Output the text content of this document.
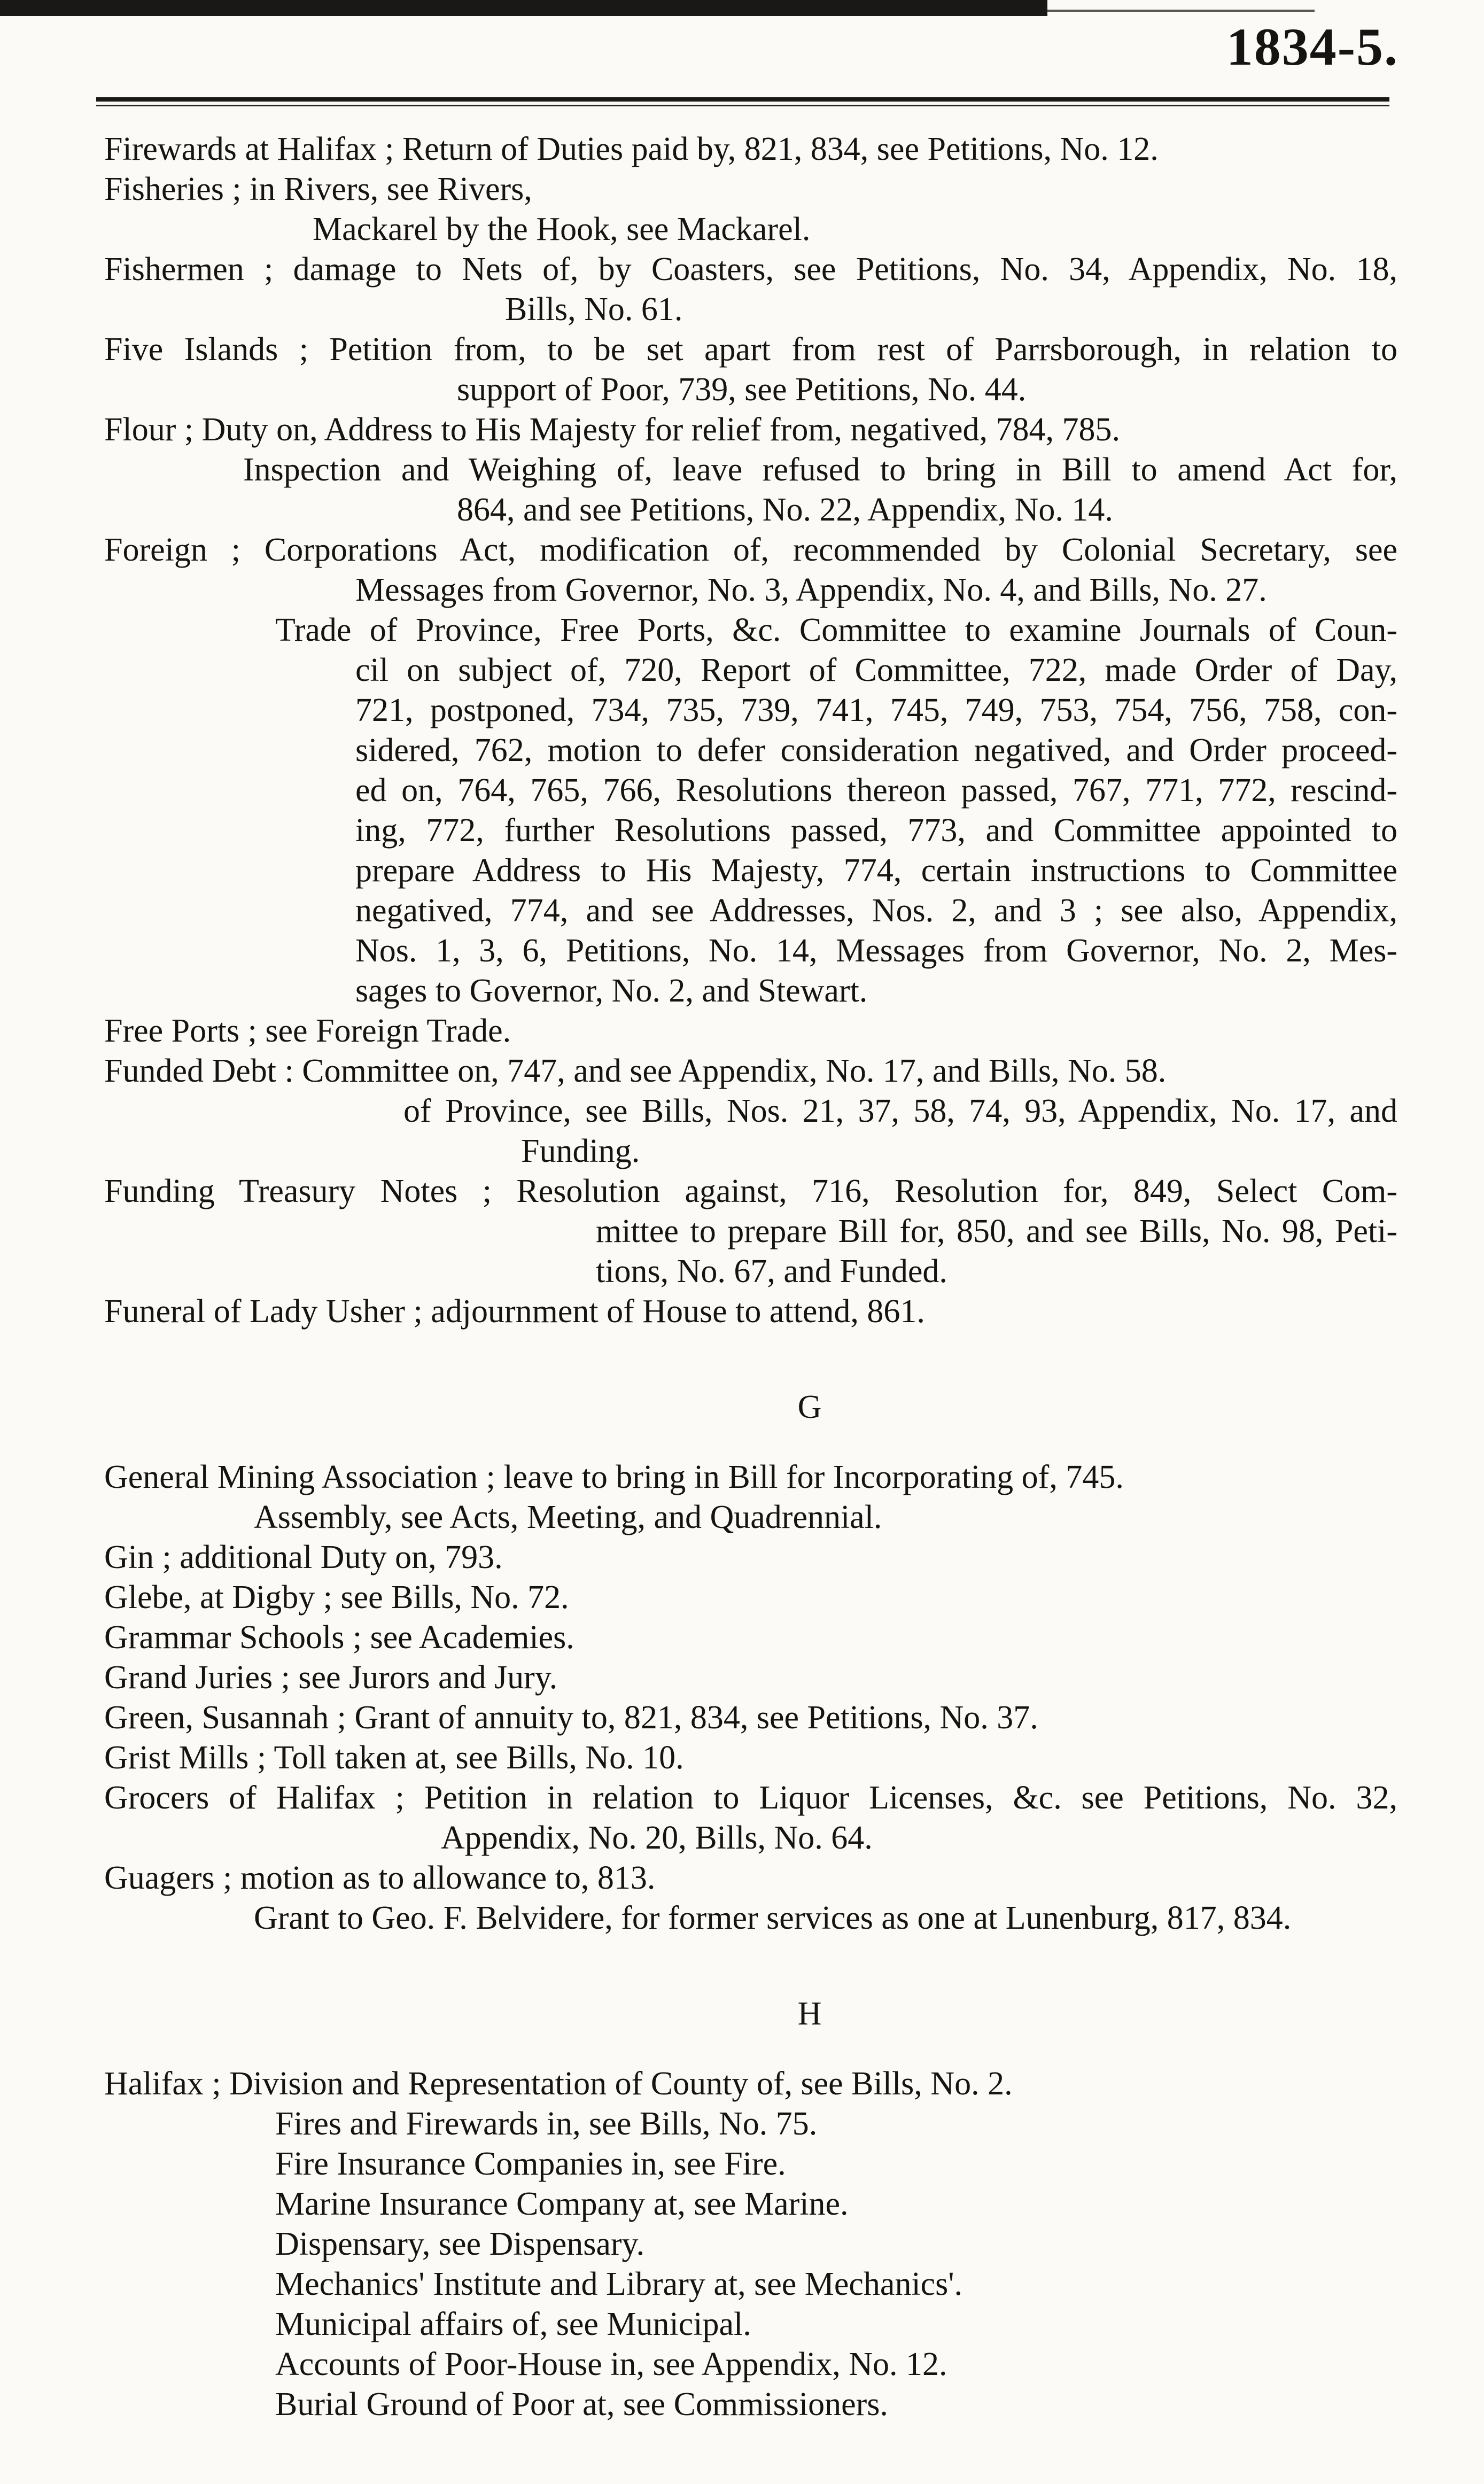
1834-5.
Firewards at Halifax ; Return of Duties paid by, 821, 834, see Petitions, No. 12.
Fisheries ; in Rivers, see Rivers,
Mackarel by the Hook, see Mackarel.
Fishermen ; damage to Nets of, by Coasters, see Petitions, No. 34, Appendix, No. 18,
Bills, No. 61.
Five Islands ; Petition from, to be set apart from rest of Parrsborough, in relation to
support of Poor, 739, see Petitions, No. 44.
Flour ; Duty on, Address to His Majesty for relief from, negatived, 784, 785.
Inspection and Weighing of, leave refused to bring in Bill to amend Act for,
864, and see Petitions, No. 22, Appendix, No. 14.
Foreign ; Corporations Act, modification of, recommended by Colonial Secretary, see
Messages from Governor, No. 3, Appendix, No. 4, and Bills, No. 27.
Trade of Province, Free Ports, &c. Committee to examine Journals of Coun-
cil on subject of, 720, Report of Committee, 722, made Order of Day,
721, postponed, 734, 735, 739, 741, 745, 749, 753, 754, 756, 758, con-
sidered, 762, motion to defer consideration negatived, and Order proceed-
ed on, 764, 765, 766, Resolutions thereon passed, 767, 771, 772, rescind-
ing, 772, further Resolutions passed, 773, and Committee appointed to
prepare Address to His Majesty, 774, certain instructions to Committee
negatived, 774, and see Addresses, Nos. 2, and 3 ; see also, Appendix,
Nos. 1, 3, 6, Petitions, No. 14, Messages from Governor, No. 2, Mes-
sages to Governor, No. 2, and Stewart.
Free Ports ; see Foreign Trade.
Funded Debt : Committee on, 747, and see Appendix, No. 17, and Bills, No. 58.
of Province, see Bills, Nos. 21, 37, 58, 74, 93, Appendix, No. 17, and
Funding.
Funding Treasury Notes ; Resolution against, 716, Resolution for, 849, Select Com-
mittee to prepare Bill for, 850, and see Bills, No. 98, Peti-
tions, No. 67, and Funded.
Funeral of Lady Usher ; adjournment of House to attend, 861.
G
General Mining Association ; leave to bring in Bill for Incorporating of, 745.
Assembly, see Acts, Meeting, and Quadrennial.
Gin ; additional Duty on, 793.
Glebe, at Digby ; see Bills, No. 72.
Grammar Schools ; see Academies.
Grand Juries ; see Jurors and Jury.
Green, Susannah ; Grant of annuity to, 821, 834, see Petitions, No. 37.
Grist Mills ; Toll taken at, see Bills, No. 10.
Grocers of Halifax ; Petition in relation to Liquor Licenses, &c. see Petitions, No. 32,
Appendix, No. 20, Bills, No. 64.
Guagers ; motion as to allowance to, 813.
Grant to Geo. F. Belvidere, for former services as one at Lunenburg, 817, 834.
H
Halifax ; Division and Representation of County of, see Bills, No. 2.
Fires and Firewards in, see Bills, No. 75.
Fire Insurance Companies in, see Fire.
Marine Insurance Company at, see Marine.
Dispensary, see Dispensary.
Mechanics' Institute and Library at, see Mechanics'.
Municipal affairs of, see Municipal.
Accounts of Poor-House in, see Appendix, No. 12.
Burial Ground of Poor at, see Commissioners.
